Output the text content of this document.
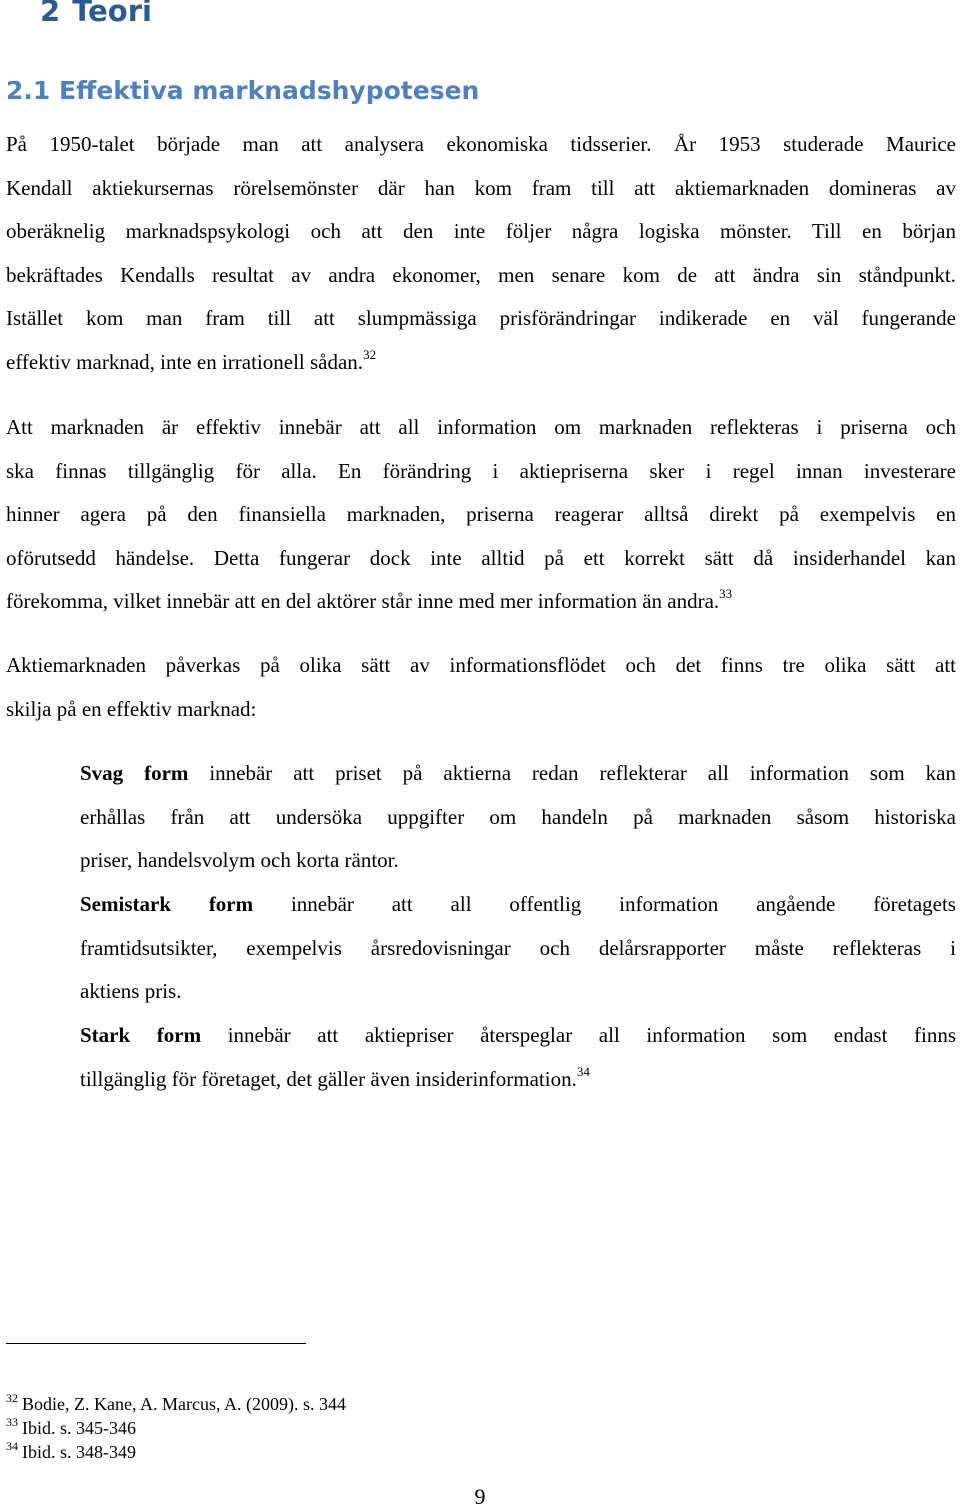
2 Teori
2.1 Effektiva marknadshypotesen
På 1950-talet började man att analysera ekonomiska tidsserier. År 1953 studerade Maurice
Kendall aktiekursernas rörelsemönster där han kom fram till att aktiemarknaden domineras av
oberäknelig marknadspsykologi och att den inte följer några logiska mönster. Till en början
bekräftades Kendalls resultat av andra ekonomer, men senare kom de att ändra sin ståndpunkt.
Istället kom man fram till att slumpmässiga prisförändringar indikerade en väl fungerande
effektiv marknad, inte en irrationell sådan.$^{32}$
Att marknaden är effektiv innebär att all information om marknaden reflekteras i priserna och
ska finnas tillgänglig för alla. En förändring i aktiepriserna sker i regel innan investerare
hinner agera på den finansiella marknaden, priserna reagerar alltså direkt på exempelvis en
oförutsedd händelse. Detta fungerar dock inte alltid på ett korrekt sätt då insiderhandel kan
förekomma, vilket innebär att en del aktörer står inne med mer information än andra.$^{33}$
Aktiemarknaden påverkas på olika sätt av informationsflödet och det finns tre olika sätt att
skilja på en effektiv marknad:
Svag form innebär att priset på aktierna redan reflekterar all information som kan
erhållas från att undersöka uppgifter om handeln på marknaden såsom historiska
priser, handelsvolym och korta räntor.
Semistark form innebär att all offentlig information angående företagets
framtidsutsikter, exempelvis årsredovisningar och delårsrapporter måste reflekteras i
aktiens pris.
Stark form innebär att aktiepriser återspeglar all information som endast finns
tillgänglig för företaget, det gäller även insiderinformation.$^{34}$
$^{32}$ Bodie, Z. Kane, A. Marcus, A. (2009). s. 344
$^{33}$ Ibid. s. 345-346
$^{34}$ Ibid. s. 348-349
9
